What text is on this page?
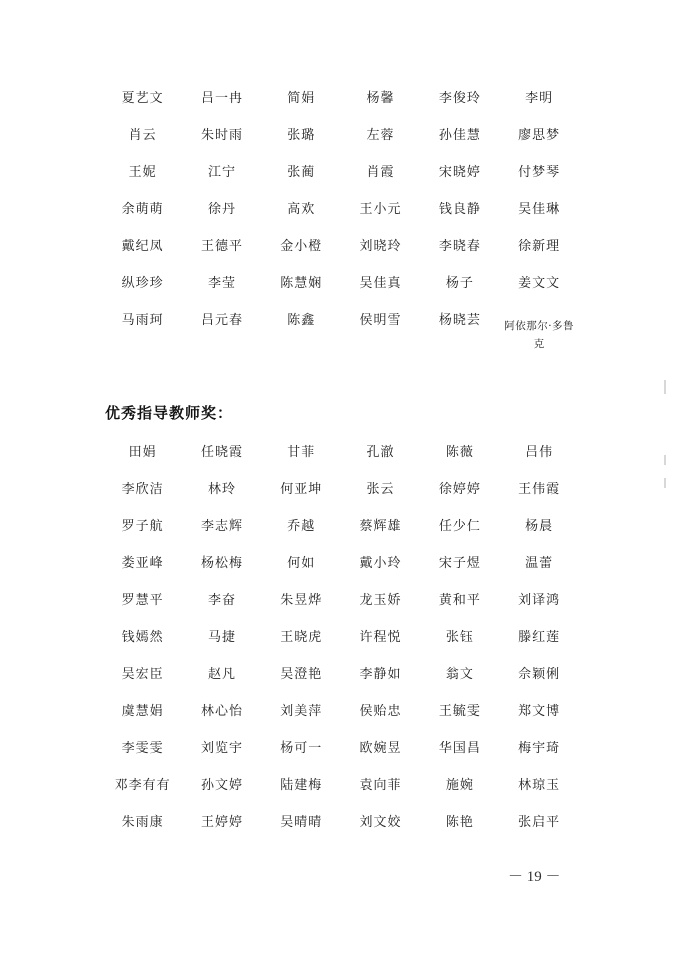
夏艺文	吕一冉	简娟	杨馨	李俊玲	李明
肖云	朱时雨	张璐	左蓉	孙佳慧	廖思梦
王妮	江宁	张蔺	肖霞	宋晓婷	付梦琴
余萌萌	徐丹	高欢	王小元	钱良静	吴佳琳
戴纪凤	王德平	金小橙	刘晓玲	李晓春	徐新理
纵珍珍	李莹	陈慧娴	吴佳真	杨子	姜文文
马雨珂	吕元春	陈鑫	侯明雪	杨晓芸	阿依那尔·多鲁克
优秀指导教师奖：
田娟	任晓霞	甘菲	孔澈	陈薇	吕伟
李欣洁	林玲	何亚坤	张云	徐婷婷	王伟霞
罗子航	李志辉	乔越	蔡辉雄	任少仁	杨晨
娄亚峰	杨松梅	何如	戴小玲	宋子煜	温蕾
罗慧平	李奋	朱昱烨	龙玉娇	黄和平	刘译鸿
钱嫣然	马捷	王晓虎	许程悦	张钰	滕红莲
吴宏臣	赵凡	吴澄艳	李静如	翁文	佘颖俐
虞慧娟	林心怡	刘美萍	侯贻忠	王毓雯	郑文博
李雯雯	刘览宇	杨可一	欧婉昱	华国昌	梅宇琦
邓李有有	孙文婷	陆建梅	袁向菲	施婉	林琼玉
朱雨康	王婷婷	吴晴晴	刘文姣	陈艳	张启平
－ 19 －
